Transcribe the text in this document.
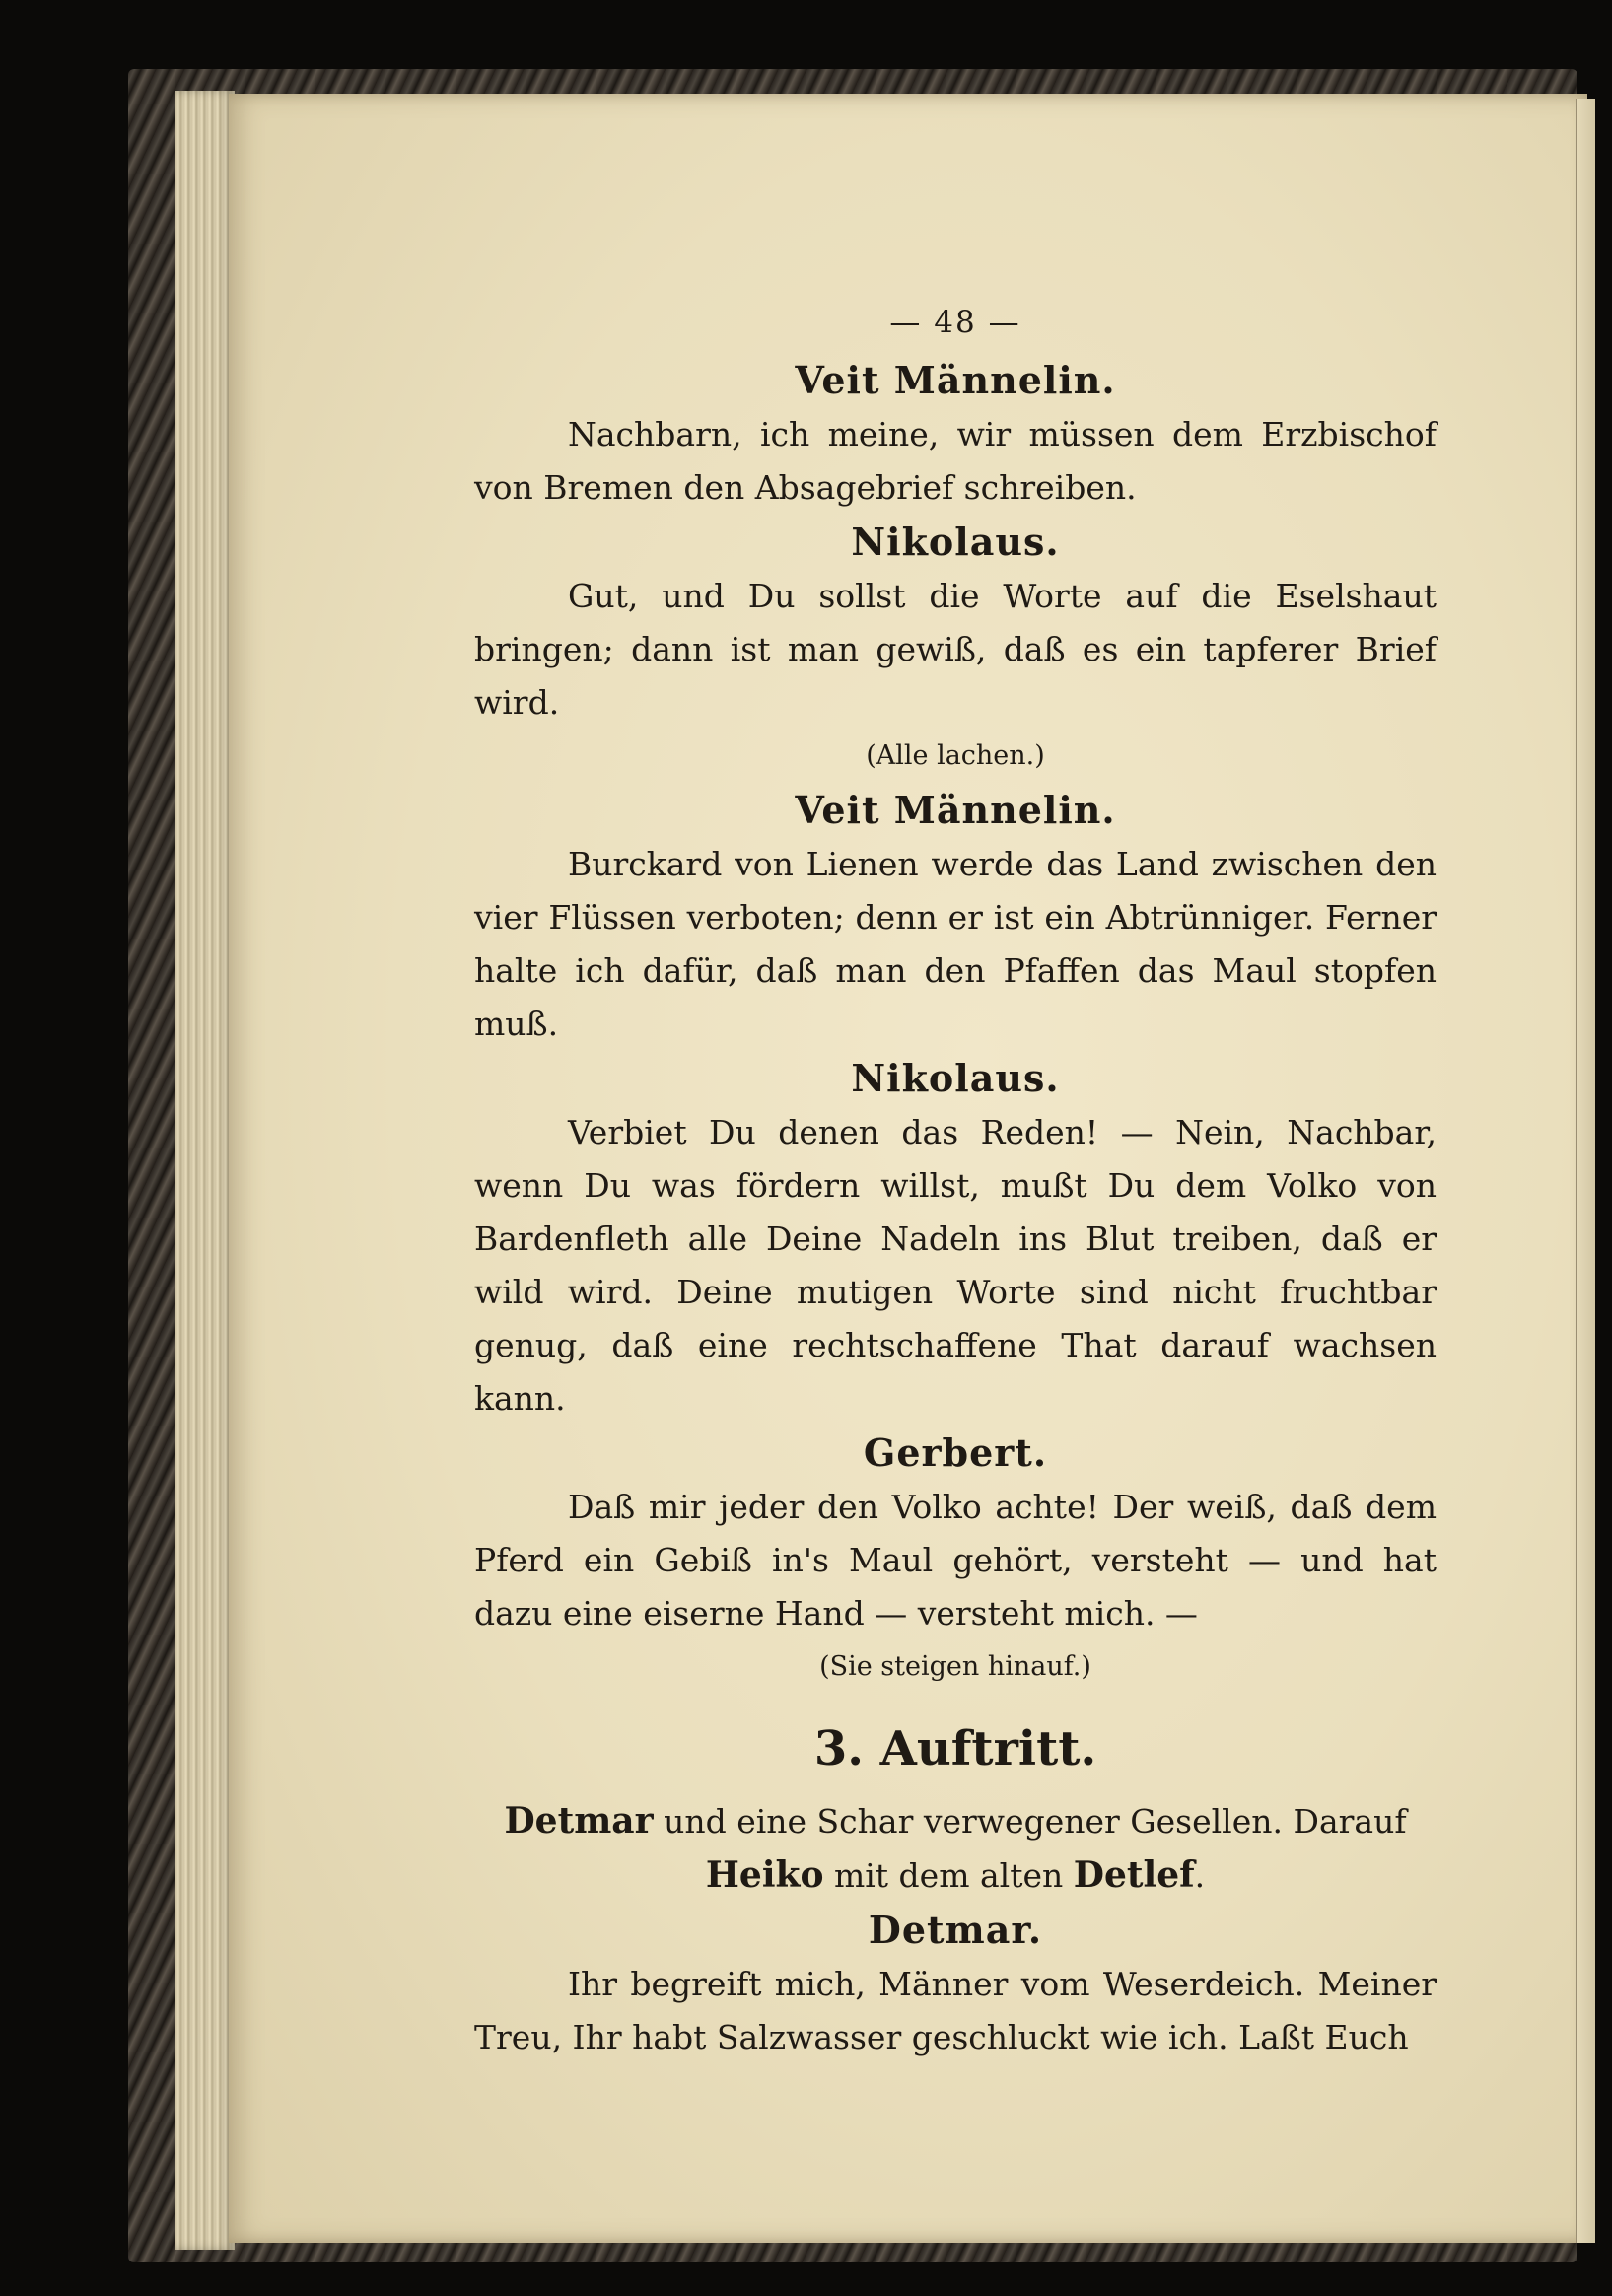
— 48 —
Veit Männelin.

Nachbarn, ich meine, wir müssen dem Erzbischof von Bremen den Absagebrief schreiben.

Nikolaus.

Gut, und Du sollst die Worte auf die Eselshaut bringen; dann ist man gewiß, daß es ein tapferer Brief wird.

(Alle lachen.)
Veit Männelin.

Burckard von Lienen werde das Land zwischen den vier Flüssen verboten; denn er ist ein Abtrünniger. Ferner halte ich dafür, daß man den Pfaffen das Maul stopfen muß.

Nikolaus.

Verbiet Du denen das Reden! — Nein, Nachbar, wenn Du was fördern willst, mußt Du dem Volko von Bardenfleth alle Deine Nadeln ins Blut treiben, daß er wild wird. Deine mutigen Worte sind nicht fruchtbar genug, daß eine rechtschaffene That darauf wachsen kann.

Gerbert.

Daß mir jeder den Volko achte! Der weiß, daß dem Pferd ein Gebiß in's Maul gehört, versteht — und hat dazu eine eiserne Hand — versteht mich. —

(Sie steigen hinauf.)
3. Auftritt.

Detmar und eine Schar verwegener Gesellen. Darauf
Heiko mit dem alten Detlef.

Detmar.

Ihr begreift mich, Männer vom Weserdeich. Meiner Treu, Ihr habt Salzwasser geschluckt wie ich. Laßt Euch
